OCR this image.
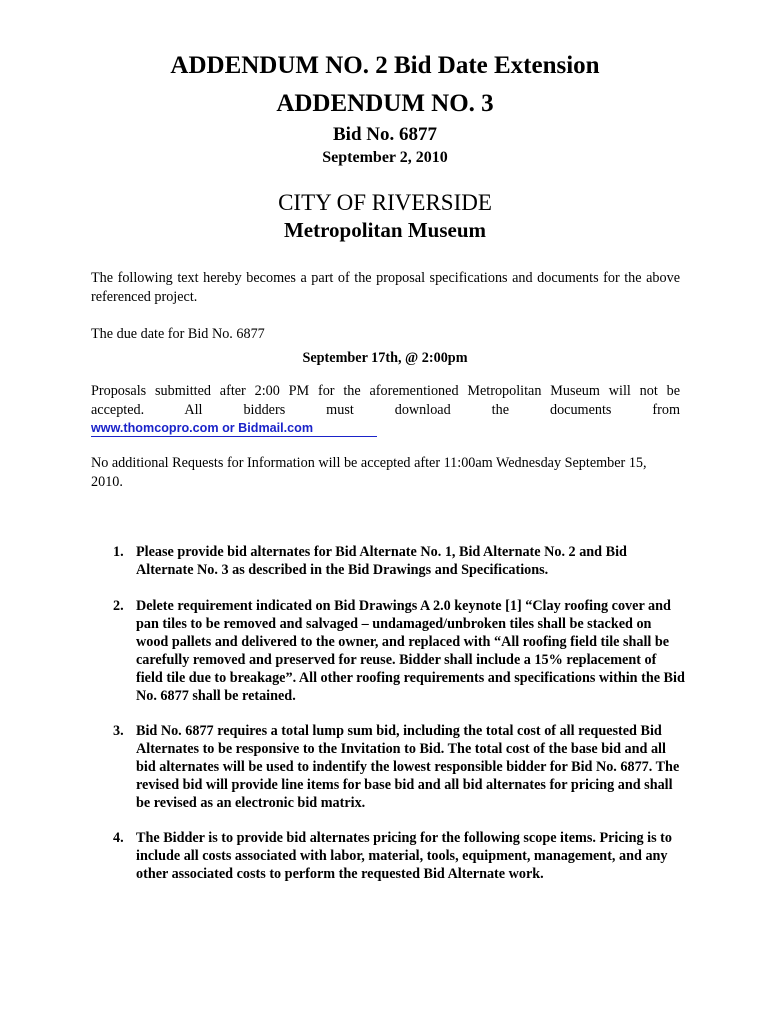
ADDENDUM NO. 2 Bid Date Extension
ADDENDUM NO. 3
Bid No. 6877
September 2, 2010
CITY OF RIVERSIDE
Metropolitan Museum
The following text hereby becomes a part of the proposal specifications and documents for the above referenced project.
The due date for Bid No. 6877
September 17th, @ 2:00pm
Proposals submitted after 2:00 PM for the aforementioned Metropolitan Museum will not be
accepted. All bidders must download the documents from
www.thomcopro.com or Bidmail.com
No additional Requests for Information will be accepted after 11:00am Wednesday September 15, 2010.
1. Please provide bid alternates for Bid Alternate No. 1, Bid Alternate No. 2 and Bid Alternate No. 3 as described in the Bid Drawings and Specifications.
2. Delete requirement indicated on Bid Drawings A 2.0 keynote [1] “Clay roofing cover and pan tiles to be removed and salvaged – undamaged/unbroken tiles shall be stacked on wood pallets and delivered to the owner, and replaced with “All roofing field tile shall be carefully removed and preserved for reuse. Bidder shall include a 15% replacement of field tile due to breakage”. All other roofing requirements and specifications within the Bid No. 6877 shall be retained.
3. Bid No. 6877 requires a total lump sum bid, including the total cost of all requested Bid Alternates to be responsive to the Invitation to Bid. The total cost of the base bid and all bid alternates will be used to indentify the lowest responsible bidder for Bid No. 6877. The revised bid will provide line items for base bid and all bid alternates for pricing and shall be revised as an electronic bid matrix.
4. The Bidder is to provide bid alternates pricing for the following scope items. Pricing is to include all costs associated with labor, material, tools, equipment, management, and any other associated costs to perform the requested Bid Alternate work.
